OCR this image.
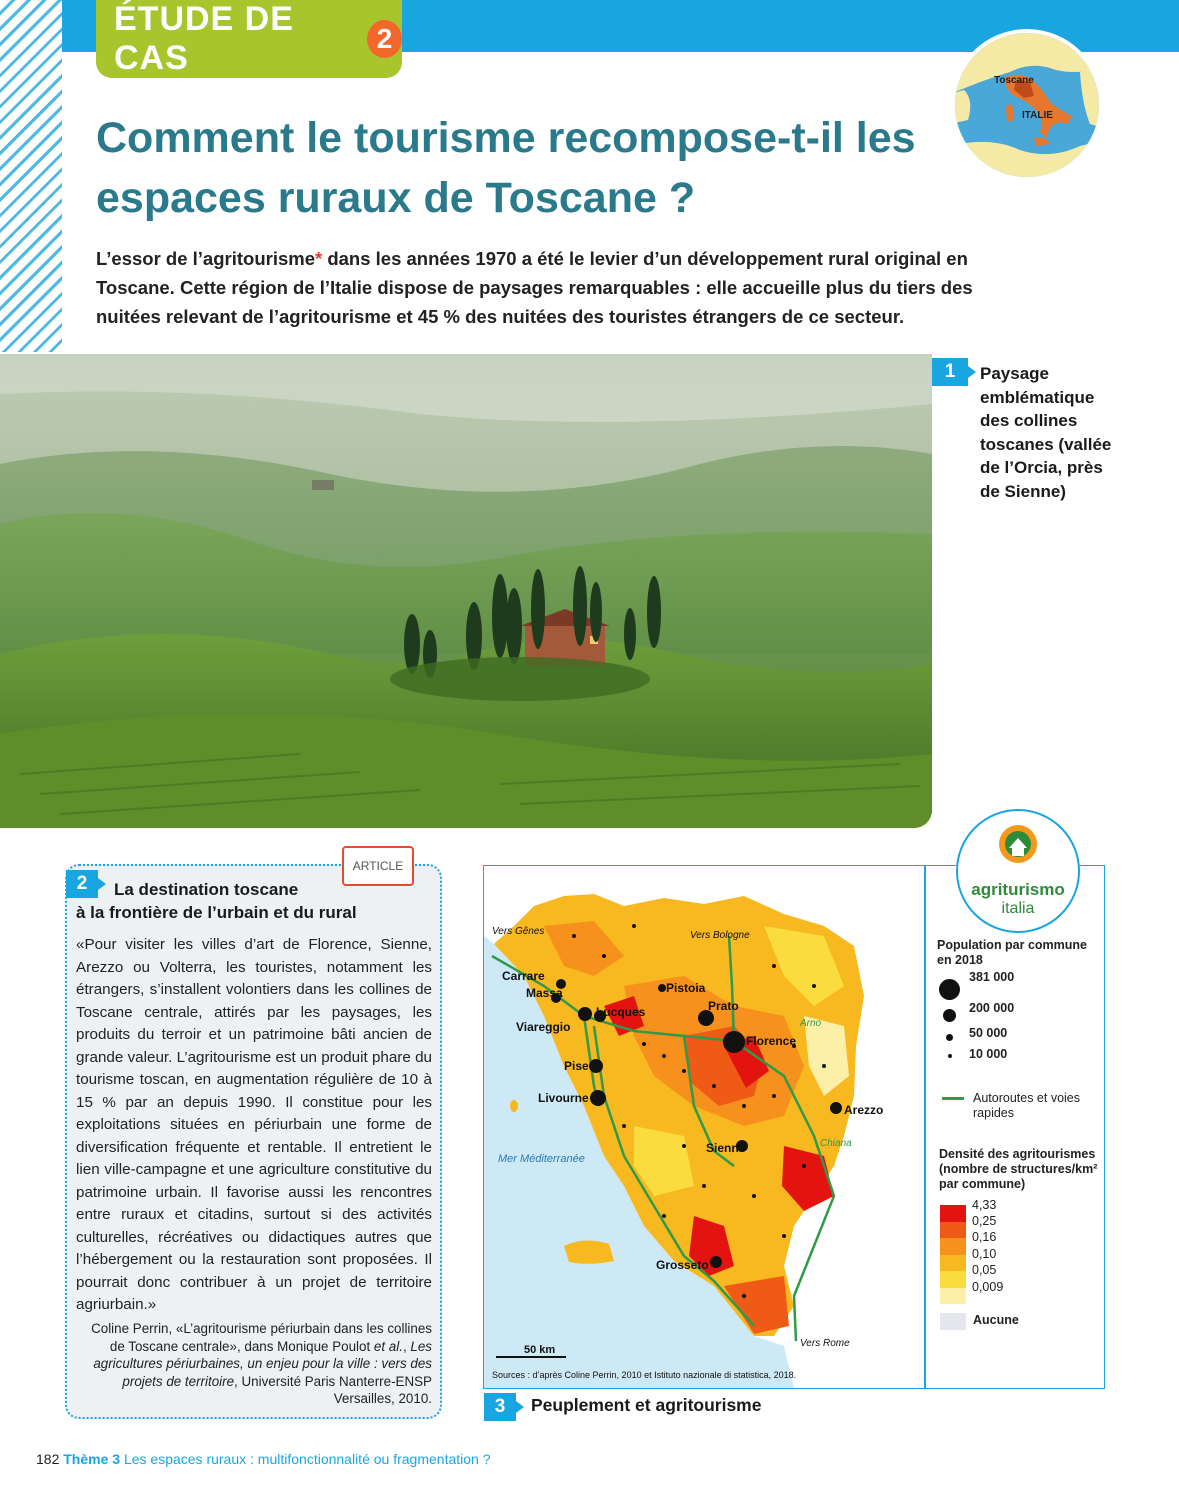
ÉTUDE DE CAS
2
Toscane
ITALIE
Comment le tourisme recompose-t-il les espaces ruraux de Toscane ?

L’essor de l’agritourisme* dans les années 1970 a été le levier d’un développement rural original en Toscane. Cette région de l’Italie dispose de paysages remarquables : elle accueille plus du tiers des nuitées relevant de l’agritourisme et 45 % des nuitées des touristes étrangers de ce secteur.

1	Paysage emblématique des collines toscanes (vallée de l’Orcia, près de Sienne)

ARTICLE
2	La destination toscane
à la frontière de l’urbain et du rural

«Pour visiter les villes d’art de Florence, Sienne, Arezzo ou Volterra, les touristes, notamment les étrangers, s’installent volontiers dans les collines de Toscane centrale, attirés par les paysages, les produits du terroir et un patrimoine bâti ancien de grande valeur. L’agritourisme est un produit phare du tourisme toscan, en augmentation régulière de 10 à 15 % par an depuis 1990. Il constitue pour les exploitations situées en périurbain une forme de diversification fréquente et rentable. Il entretient le lien ville-campagne et une agriculture constitutive du patrimoine urbain. Il favorise aussi les rencontres entre ruraux et citadins, surtout si des activités culturelles, récréatives ou didactiques autres que l’hébergement ou la restauration sont proposées. Il pourrait donc contribuer à un projet de territoire agriurbain.»

Coline Perrin, «L’agritourisme périurbain dans les collines de Toscane centrale», dans Monique Poulot et al., Les agricultures périurbaines, un enjeu pour la ville : vers des projets de territoire, Université Paris Nanterre-ENSP Versailles, 2010.

Carrare
Massa
Viareggio
Lucques
Pistoia
Prato
Florence
Pise
Livourne
Arezzo
Sienne
Grosseto
Vers Gênes	Vers Bologne
Vers Rome
Mer Méditerranée
Arno
Chiana
50 km
Sources : d’après Coline Perrin, 2010 et Istituto nazionale di statistica, 2018.
agriturismo
italia
Population par commune en 2018
381 000
200 000
50 000
10 000
Autoroutes et voies rapides
Densité des agritourismes (nombre de structures/km² par commune)
4,33
0,25
0,16
0,10
0,05
0,009
Aucune
3	Peuplement et agritourisme
182 Thème 3 Les espaces ruraux : multifonctionnalité ou fragmentation ?
